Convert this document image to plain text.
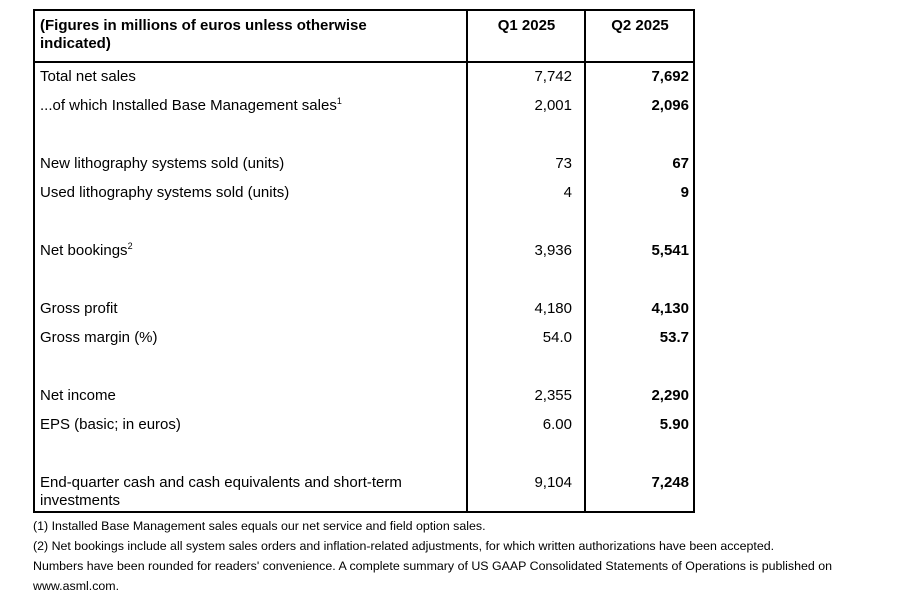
(Figures in millions of euros unless otherwise indicated)	Q1 2025	Q2 2025
Total net sales	7,742	7,692
...of which Installed Base Management sales$^1$	2,001	2,096

New lithography systems sold (units)	73	67
Used lithography systems sold (units)	4	9

Net bookings$^2$	3,936	5,541

Gross profit	4,180	4,130
Gross margin (%)	54.0	53.7

Net income	2,355	2,290
EPS (basic; in euros)	6.00	5.90

End-quarter cash and cash equivalents and short-term investments	9,104	7,248

(1) Installed Base Management sales equals our net service and field option sales.

(2) Net bookings include all system sales orders and inflation-related adjustments, for which written authorizations have been accepted.

Numbers have been rounded for readers' convenience. A complete summary of US GAAP Consolidated Statements of Operations is published on www.asml.com.
